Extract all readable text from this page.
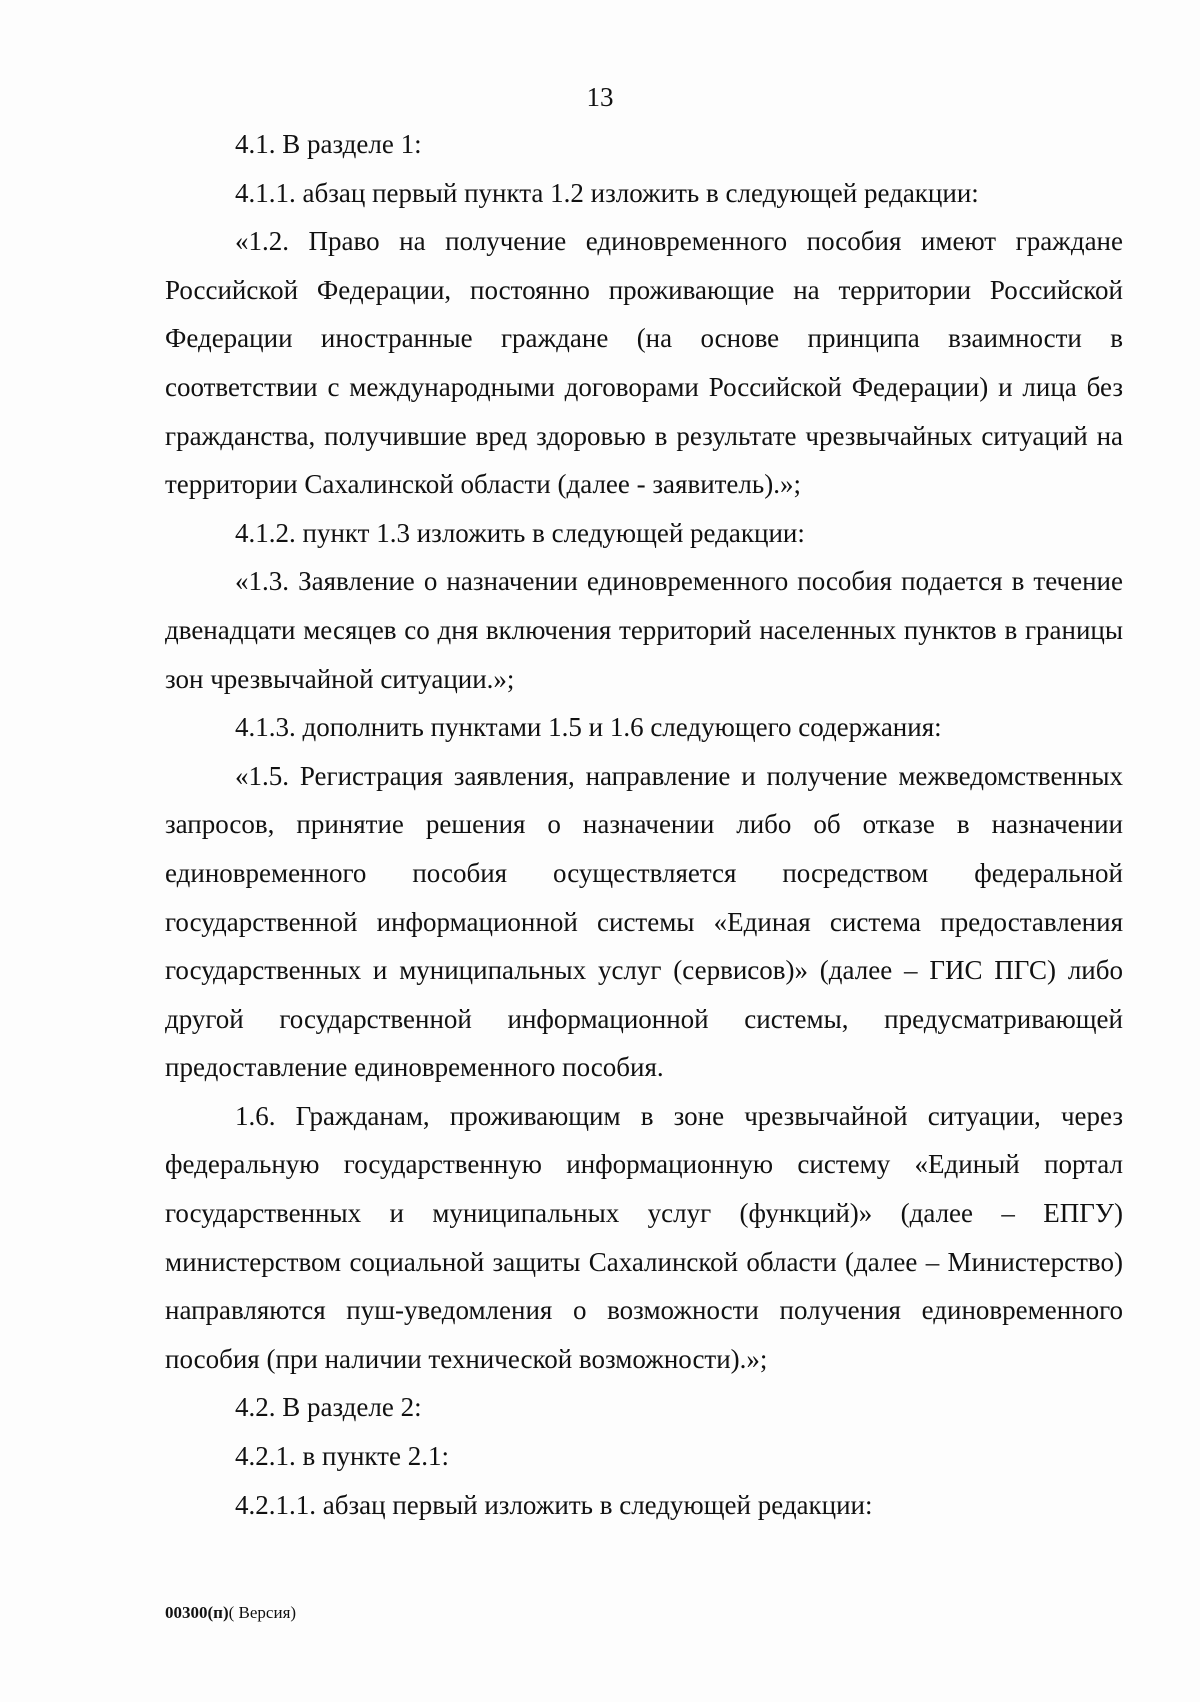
13

4.1. В разделе 1:

4.1.1. абзац первый пункта 1.2 изложить в следующей редакции:

«1.2. Право на получение единовременного пособия имеют граждане Российской Федерации, постоянно проживающие на территории Российской Федерации иностранные граждане (на основе принципа взаимности в соответствии с международными договорами Российской Федерации) и лица без гражданства, получившие вред здоровью в результате чрезвычайных ситуаций на территории Сахалинской области (далее - заявитель).»;

4.1.2. пункт 1.3 изложить в следующей редакции:

«1.3. Заявление о назначении единовременного пособия подается в течение двенадцати месяцев со дня включения территорий населенных пунктов в границы зон чрезвычайной ситуации.»;

4.1.3. дополнить пунктами 1.5 и 1.6 следующего содержания:

«1.5. Регистрация заявления, направление и получение межведомственных запросов, принятие решения о назначении либо об отказе в назначении единовременного пособия осуществляется посредством федеральной государственной информационной системы «Единая система предоставления государственных и муниципальных услуг (сервисов)» (далее – ГИС ПГС) либо другой государственной информационной системы, предусматривающей предоставление единовременного пособия.

1.6. Гражданам, проживающим в зоне чрезвычайной ситуации, через федеральную государственную информационную систему «Единый портал государственных и муниципальных услуг (функций)» (далее – ЕПГУ) министерством социальной защиты Сахалинской области (далее – Министерство) направляются пуш-уведомления о возможности получения единовременного пособия (при наличии технической возможности).»;

4.2. В разделе 2:

4.2.1. в пункте 2.1:

4.2.1.1. абзац первый изложить в следующей редакции:

00300(п)( Версия)
